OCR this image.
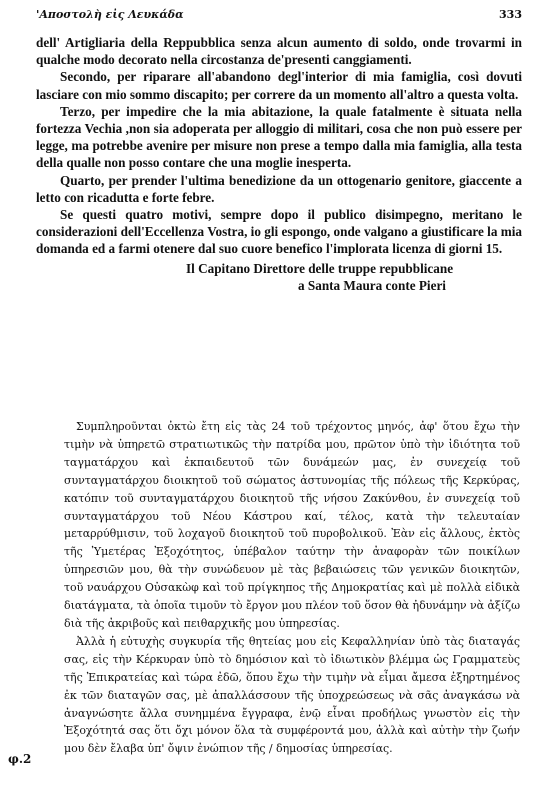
'Αποστολὴ εἰς Λευκάδα	333

dell' Artigliaria della Reppubblica senza alcun aumento di soldo, onde trovarmi in qualche modo decorato nella circostanza de'presenti canggiamenti.

Secondo, per riparare all'abandono degl'interior di mia famiglia, così dovuti lasciare con mio sommo discapito; per correre da un momento all'altro a questa volta.

Terzo, per impedire che la mia abitazione, la quale fatalmente è situata nella fortezza Vechia ,non sia adoperata per alloggio di militari, cosa che non può essere per legge, ma potrebbe avenire per misure non prese a tempo dalla mia famiglia, alla testa della qualle non posso contare che una moglie inesperta.

Quarto, per prender l'ultima benedizione da un ottogenario genitore, giaccente a letto con ricadutta e forte febre.

Se questi quatro motivi, sempre dopo il publico disimpegno, meritano le considerazioni dell'Eccellenza Vostra, io gli espongo, onde valgano a giustificare la mia domanda ed a farmi otenere dal suo cuore benefico l'implorata licenza di giorni 15.

Il Capitano Direttore delle truppe repubblicane
a Santa Maura conte Pieri

Συμπληροῦνται ὀκτὼ ἔτη εἰς τὰς 24 τοῦ τρέχοντος μηνός, ἀφ' ὅτου ἔχω τὴν τιμὴν νὰ ὑπηρετῶ στρατιωτικῶς τὴν πατρίδα μου, πρῶτον ὑπὸ τὴν ἰδιότητα τοῦ ταγματάρχου καὶ ἐκπαιδευτοῦ τῶν δυνάμεών μας, ἐν συνεχείᾳ τοῦ συνταγματάρχου διοικητοῦ τοῦ σώματος ἀστυνομίας τῆς πόλεως τῆς Κερκύρας, κατόπιν τοῦ συνταγματάρχου διοικητοῦ τῆς νήσου Ζακύνθου, ἐν συνεχείᾳ τοῦ συνταγματάρχου τοῦ Νέου Κάστρου καί, τέλος, κατὰ τὴν τελευταίαν μεταρρύθμισιν, τοῦ λοχαγοῦ διοικητοῦ τοῦ πυροβολικοῦ. Ἐὰν εἰς ἄλλους, ἐκτὸς τῆς Ὑμετέρας Ἐξοχότητος, ὑπέβαλον ταύτην τὴν ἀναφορὰν τῶν ποικίλων ὑπηρεσιῶν μου, θὰ τὴν συνώδευον μὲ τὰς βεβαιώσεις τῶν γενικῶν διοικητῶν, τοῦ ναυάρχου Οὐσακὼφ καὶ τοῦ πρίγκηπος τῆς Δημοκρατίας καὶ μὲ πολλὰ εἰδικὰ διατάγματα, τὰ ὁποῖα τιμοῦν τὸ ἔργον μου πλέον τοῦ ὅσον θὰ ἠδυνάμην νὰ ἀξίζω διὰ τῆς ἀκριβοῦς καὶ πειθαρχικῆς μου ὑπηρεσίας.

Ἀλλὰ ἡ εὐτυχὴς συγκυρία τῆς θητείας μου εἰς Κεφαλληνίαν ὑπὸ τὰς διαταγάς σας, εἰς τὴν Κέρκυραν ὑπὸ τὸ δημόσιον καὶ τὸ ἰδιωτικὸν βλέμμα ὡς Γραμματεὺς τῆς Ἐπικρατείας καὶ τώρα ἐδῶ, ὅπου ἔχω τὴν τιμὴν νὰ εἶμαι ἄμεσα ἐξηρτημένος ἐκ τῶν διαταγῶν σας, μὲ ἀπαλλάσσουν τῆς ὑποχρεώσεως νὰ σᾶς ἀναγκάσω νὰ ἀναγνώσητε ἄλλα συνημμένα ἔγγραφα, ἐνῷ εἶναι προδήλως γνωστὸν εἰς τὴν Ἐξοχότητά σας ὅτι ὄχι μόνον ὅλα τὰ συμφέροντά μου, ἀλλὰ καὶ αὐτὴν τὴν ζωήν μου δὲν ἔλαβα ὑπ' ὄψιν ἐνώπιον τῆς / δημοσίας ὑπηρεσίας.

φ.2
